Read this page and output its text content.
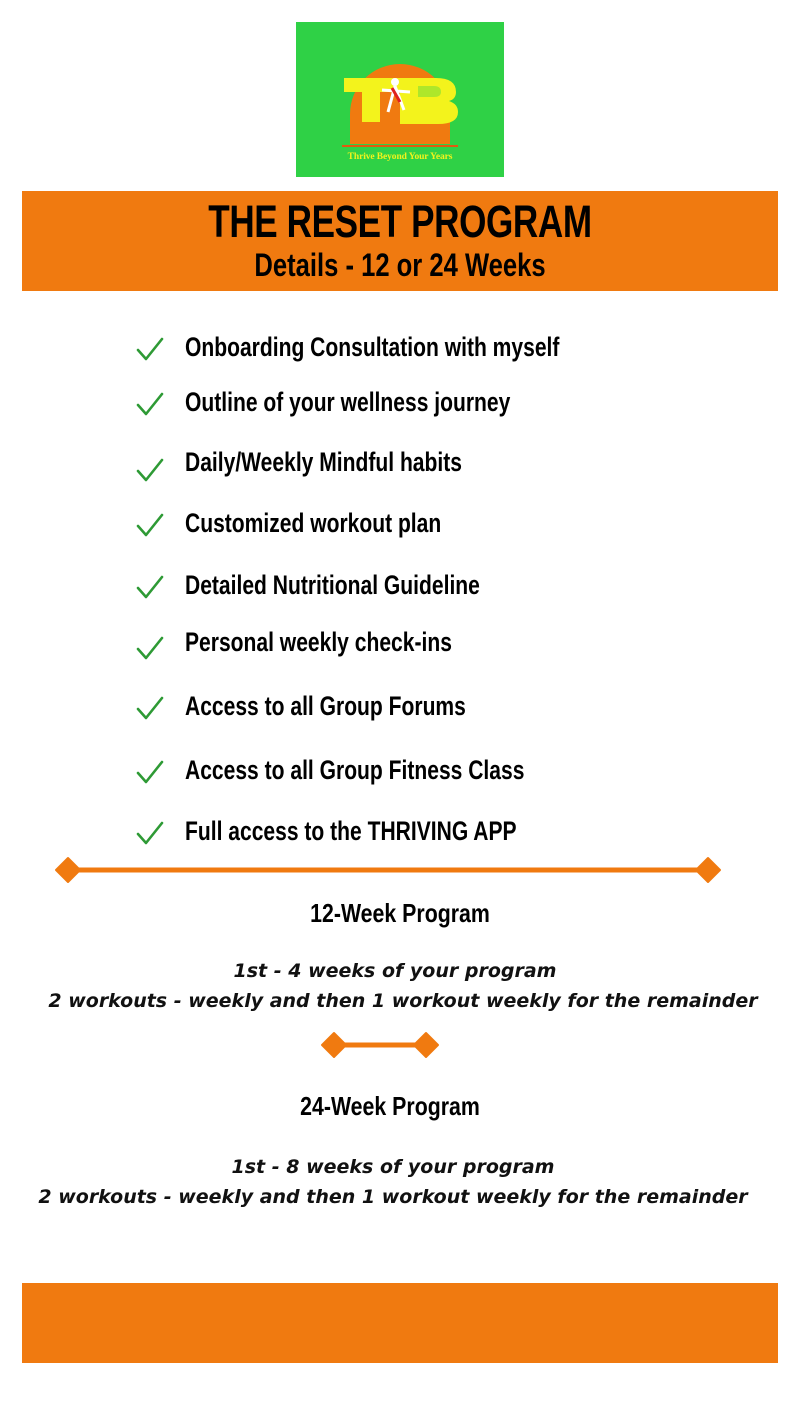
Thrive Beyond Your Years
THE RESET PROGRAM
Details - 12 or 24 Weeks
Onboarding Consultation with myself
Outline of your wellness journey
Daily/Weekly Mindful habits
Customized workout plan
Detailed Nutritional Guideline
Personal weekly check-ins
Access to all Group Forums
Access to all Group Fitness Class
Full access to the THRIVING APP
12-Week Program
1st - 4 weeks of your program
2 workouts - weekly and then 1 workout weekly for the remainder
24-Week Program
1st - 8 weeks of your program
2 workouts - weekly and then 1 workout weekly for the remainder
